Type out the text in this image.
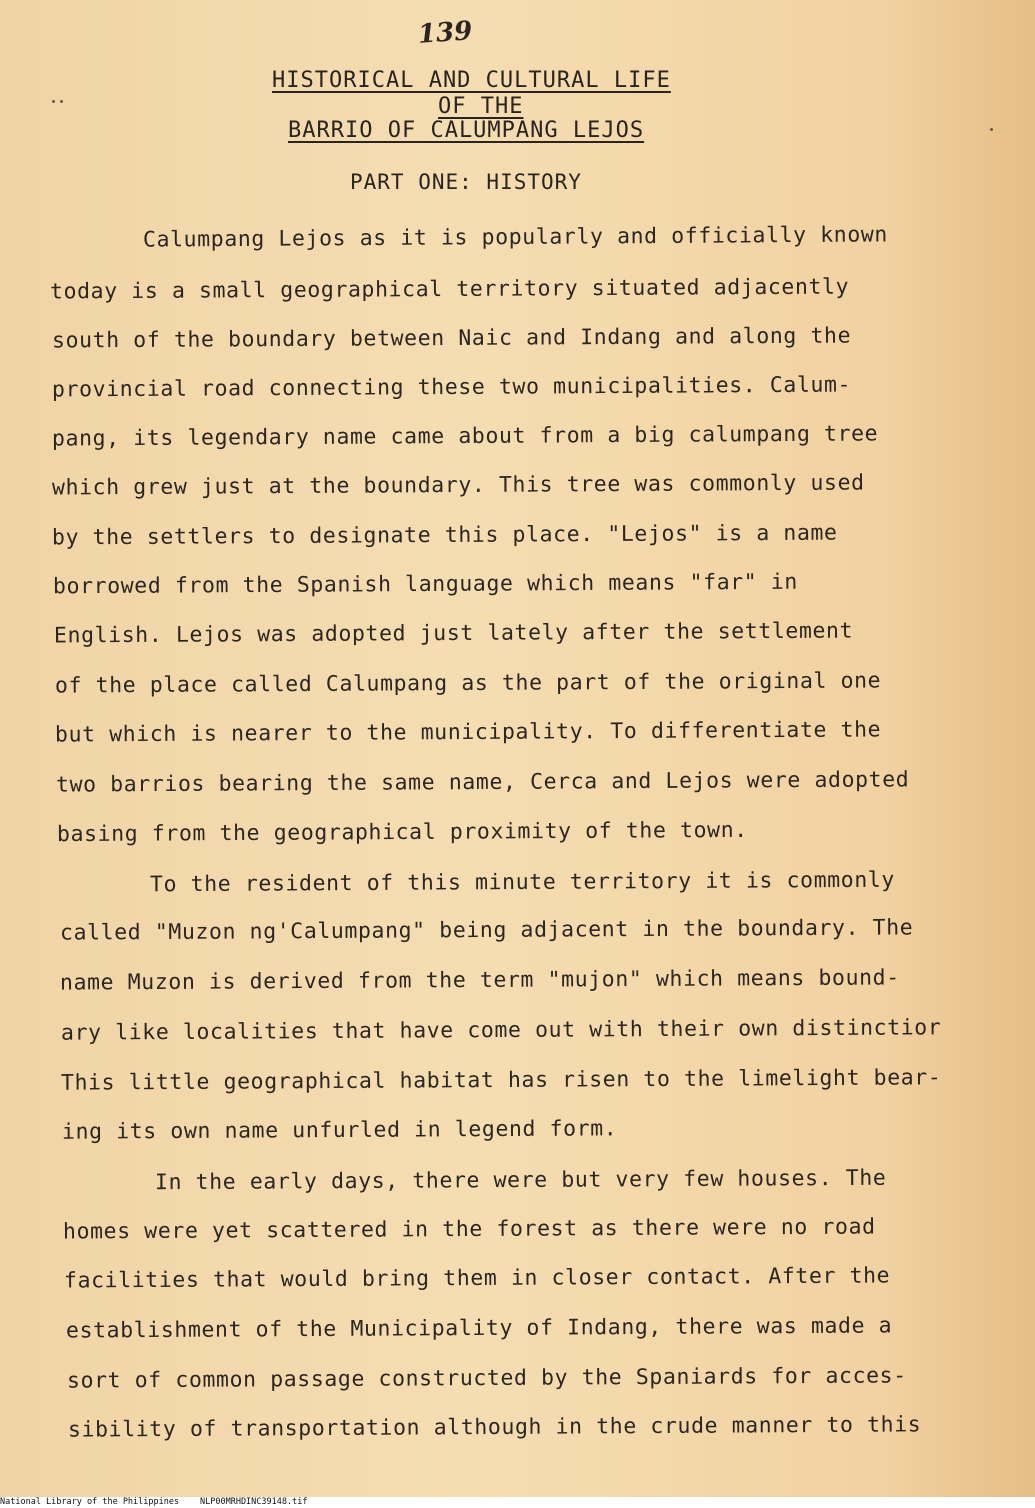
139
HISTORICAL AND CULTURAL LIFE
OF THE
BARRIO OF CALUMPANG LEJOS
PART ONE: HISTORY
Calumpang Lejos as it is popularly and officially known
today is a small geographical territory situated adjacently
south of the boundary between Naic and Indang and along the
provincial road connecting these two municipalities. Calum-
pang, its legendary name came about from a big calumpang tree
which grew just at the boundary. This tree was commonly used
by the settlers to designate this place. "Lejos" is a name
borrowed from the Spanish language which means "far" in
English. Lejos was adopted just lately after the settlement
of the place called Calumpang as the part of the original one
but which is nearer to the municipality. To differentiate the
two barrios bearing the same name, Cerca and Lejos were adopted
basing from the geographical proximity of the town.
To the resident of this minute territory it is commonly
called "Muzon ng'Calumpang" being adjacent in the boundary. The
name Muzon is derived from the term "mujon" which means bound-
ary like localities that have come out with their own distinctior
This little geographical habitat has risen to the limelight bear-
ing its own name unfurled in legend form.
In the early days, there were but very few houses. The
homes were yet scattered in the forest as there were no road
facilities that would bring them in closer contact. After the
establishment of the Municipality of Indang, there was made a
sort of common passage constructed by the Spaniards for acces-
sibility of transportation although in the crude manner to this
National Library of the Philippines NLP00MRHDINC39148.tif
